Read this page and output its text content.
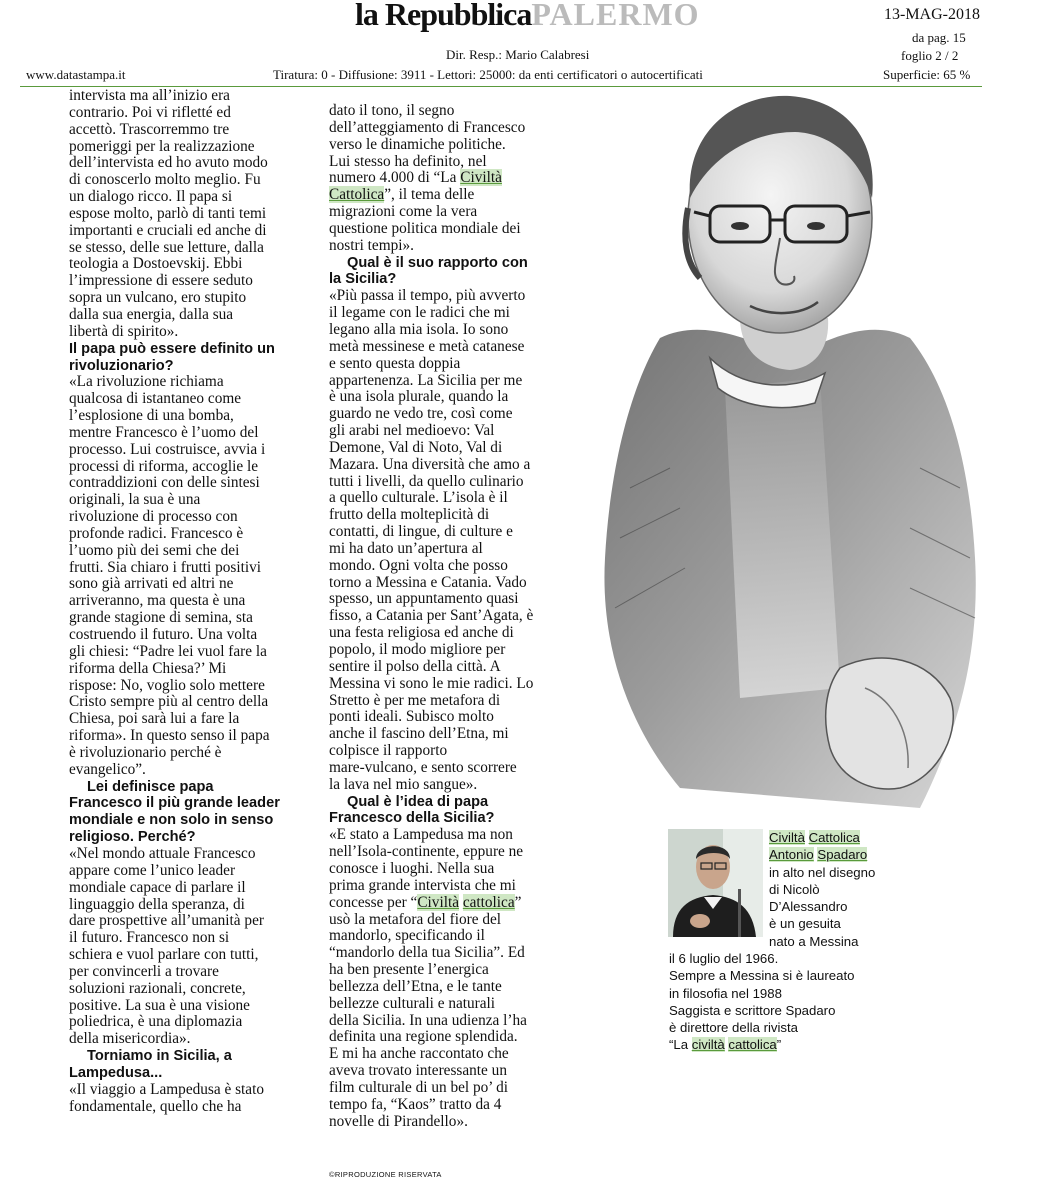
la RepubblicaPALERMO	13-MAG-2018
da pag. 15
foglio 2 / 2
Dir. Resp.: Mario Calabresi
www.datastampa.it	Tiratura: 0 - Diffusione: 3911 - Lettori: 25000: da enti certificatori o autocertificati	Superficie: 65 %
intervista ma all’inizio era
contrario. Poi vi rifletté ed
accettò. Trascorremmo tre
pomeriggi per la realizzazione
dell’intervista ed ho avuto modo
di conoscerlo molto meglio. Fu
un dialogo ricco. Il papa si
espose molto, parlò di tanti temi
importanti e cruciali ed anche di
se stesso, delle sue letture, dalla
teologia a Dostoevskij. Ebbi
l’impressione di essere seduto
sopra un vulcano, ero stupito
dalla sua energia, dalla sua
libertà di spirito».
Il papa può essere definito un
rivoluzionario?
«La rivoluzione richiama
qualcosa di istantaneo come
l’esplosione di una bomba,
mentre Francesco è l’uomo del
processo. Lui costruisce, avvia i
processi di riforma, accoglie le
contraddizioni con delle sintesi
originali, la sua è una
rivoluzione di processo con
profonde radici. Francesco è
l’uomo più dei semi che dei
frutti. Sia chiaro i frutti positivi
sono già arrivati ed altri ne
arriveranno, ma questa è una
grande stagione di semina, sta
costruendo il futuro. Una volta
gli chiesi: “Padre lei vuol fare la
riforma della Chiesa?’ Mi
rispose: No, voglio solo mettere
Cristo sempre più al centro della
Chiesa, poi sarà lui a fare la
riforma». In questo senso il papa
è rivoluzionario perché è
evangelico”.
Lei definisce papa
Francesco il più grande leader
mondiale e non solo in senso
religioso. Perché?
«Nel mondo attuale Francesco
appare come l’unico leader
mondiale capace di parlare il
linguaggio della speranza, di
dare prospettive all’umanità per
il futuro. Francesco non si
schiera e vuol parlare con tutti,
per convincerli a trovare
soluzioni razionali, concrete,
positive. La sua è una visione
poliedrica, è una diplomazia
della misericordia».
Torniamo in Sicilia, a
Lampedusa...
«Il viaggio a Lampedusa è stato
fondamentale, quello che ha
dato il tono, il segno
dell’atteggiamento di Francesco
verso le dinamiche politiche.
Lui stesso ha definito, nel
numero 4.000 di “La Civiltà
Cattolica”, il tema delle
migrazioni come la vera
questione politica mondiale dei
nostri tempi».
Qual è il suo rapporto con
la Sicilia?
«Più passa il tempo, più avverto
il legame con le radici che mi
legano alla mia isola. Io sono
metà messinese e metà catanese
e sento questa doppia
appartenenza. La Sicilia per me
è una isola plurale, quando la
guardo ne vedo tre, così come
gli arabi nel medioevo: Val
Demone, Val di Noto, Val di
Mazara. Una diversità che amo a
tutti i livelli, da quello culinario
a quello culturale. L’isola è il
frutto della molteplicità di
contatti, di lingue, di culture e
mi ha dato un’apertura al
mondo. Ogni volta che posso
torno a Messina e Catania. Vado
spesso, un appuntamento quasi
fisso, a Catania per Sant’Agata, è
una festa religiosa ed anche di
popolo, il modo migliore per
sentire il polso della città. A
Messina vi sono le mie radici. Lo
Stretto è per me metafora di
ponti ideali. Subisco molto
anche il fascino dell’Etna, mi
colpisce il rapporto
mare-vulcano, e sento scorrere
la lava nel mio sangue».
Qual è l’idea di papa
Francesco della Sicilia?
«E stato a Lampedusa ma non
nell’Isola-continente, eppure ne
conosce i luoghi. Nella sua
prima grande intervista che mi
concesse per “Civiltà cattolica”
usò la metafora del fiore del
mandorlo, specificando il
“mandorlo della tua Sicilia”. Ed
ha ben presente l’energica
bellezza dell’Etna, e le tante
bellezze culturali e naturali
della Sicilia. In una udienza l’ha
definita una regione splendida.
E mi ha anche raccontato che
aveva trovato interessante un
film culturale di un bel po’ di
tempo fa, “Kaos” tratto da 4
novelle di Pirandello».
©RIPRODUZIONE RISERVATA
Civiltà Cattolica
Antonio Spadaro
in alto nel disegno
di Nicolò
D’Alessandro
è un gesuita
nato a Messina
il 6 luglio del 1966.
Sempre a Messina si è laureato
in filosofia nel 1988
Saggista e scrittore Spadaro
è direttore della rivista
“La civiltà cattolica”
